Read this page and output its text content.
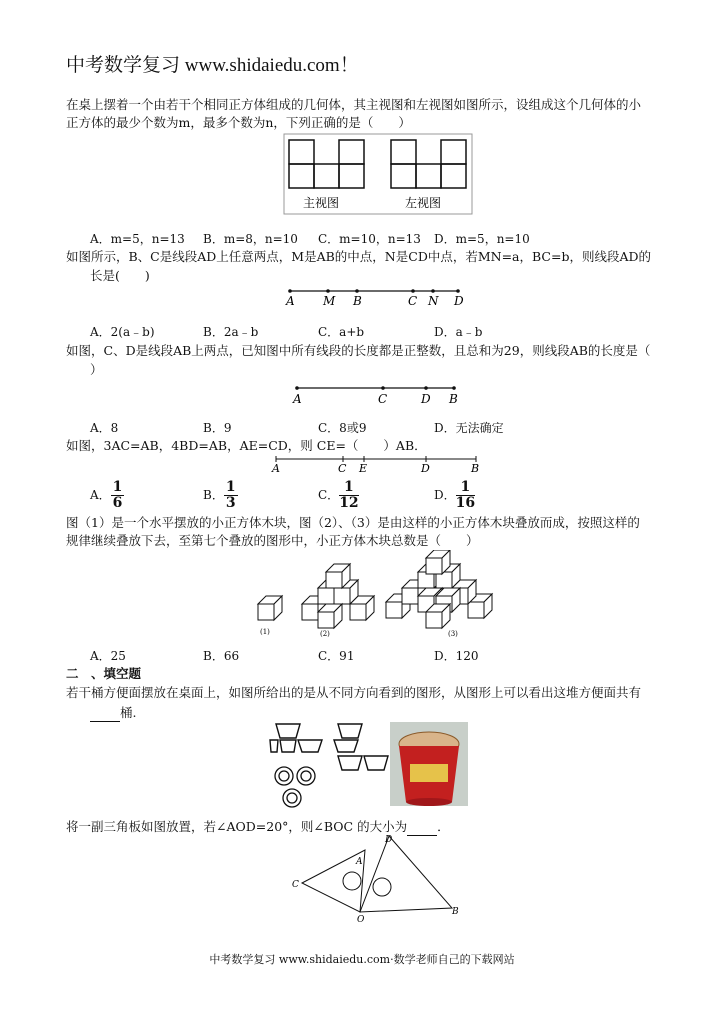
中考数学复习 www.shidaiedu.com！
在桌上摆着一个由若干个相同正方体组成的几何体，其主视图和左视图如图所示，设组成这个几何体的小
正方体的最少个数为m，最多个数为n，下列正确的是（　　）
主视图	左视图
A．m=5，n=13	B．m=8，n=10	C．m=10，n=13	D．m=5，n=10
如图所示，B、C是线段AD上任意两点，M是AB的中点，N是CD中点，若MN=a，BC=b，则线段AD的
长是(　　)
A M B	C N D
A．2(a﹣b)	B．2a﹣b	C．a+b	D．a﹣b
如图，C、D是线段AB上两点，已知图中所有线段的长度都是正整数，且总和为29，则线段AB的长度是（
）
A	C	D B
A．8	B．9	C．8或9	D．无法确定
如图，3AC=AB，4BD=AB，AE=CD，则 CE=（　　）AB．
A	C E	D	B
A． $\frac{1}{6}$	B． $\frac{1}{3}$	C． $\frac{1}{12}$	D． $\frac{1}{16}$
图（1）是一个水平摆放的小正方体木块，图（2）、（3）是由这样的小正方体木块叠放而成，按照这样的
规律继续叠放下去，至第七个叠放的图形中，小正方体木块总数是（　　）
(1)	(2)	(3)
A．25	B．66	C．91	D．120
二　、填空题
若干桶方便面摆放在桌面上，如图所给出的是从不同方向看到的图形，从图形上可以看出这堆方便面共有
桶.
将一副三角板如图放置，若∠AOD=20°，则∠BOC 的大小为 ．
D
A
C
O
B
中考数学复习 www.shidaiedu.com·数学老师自己的下载网站
